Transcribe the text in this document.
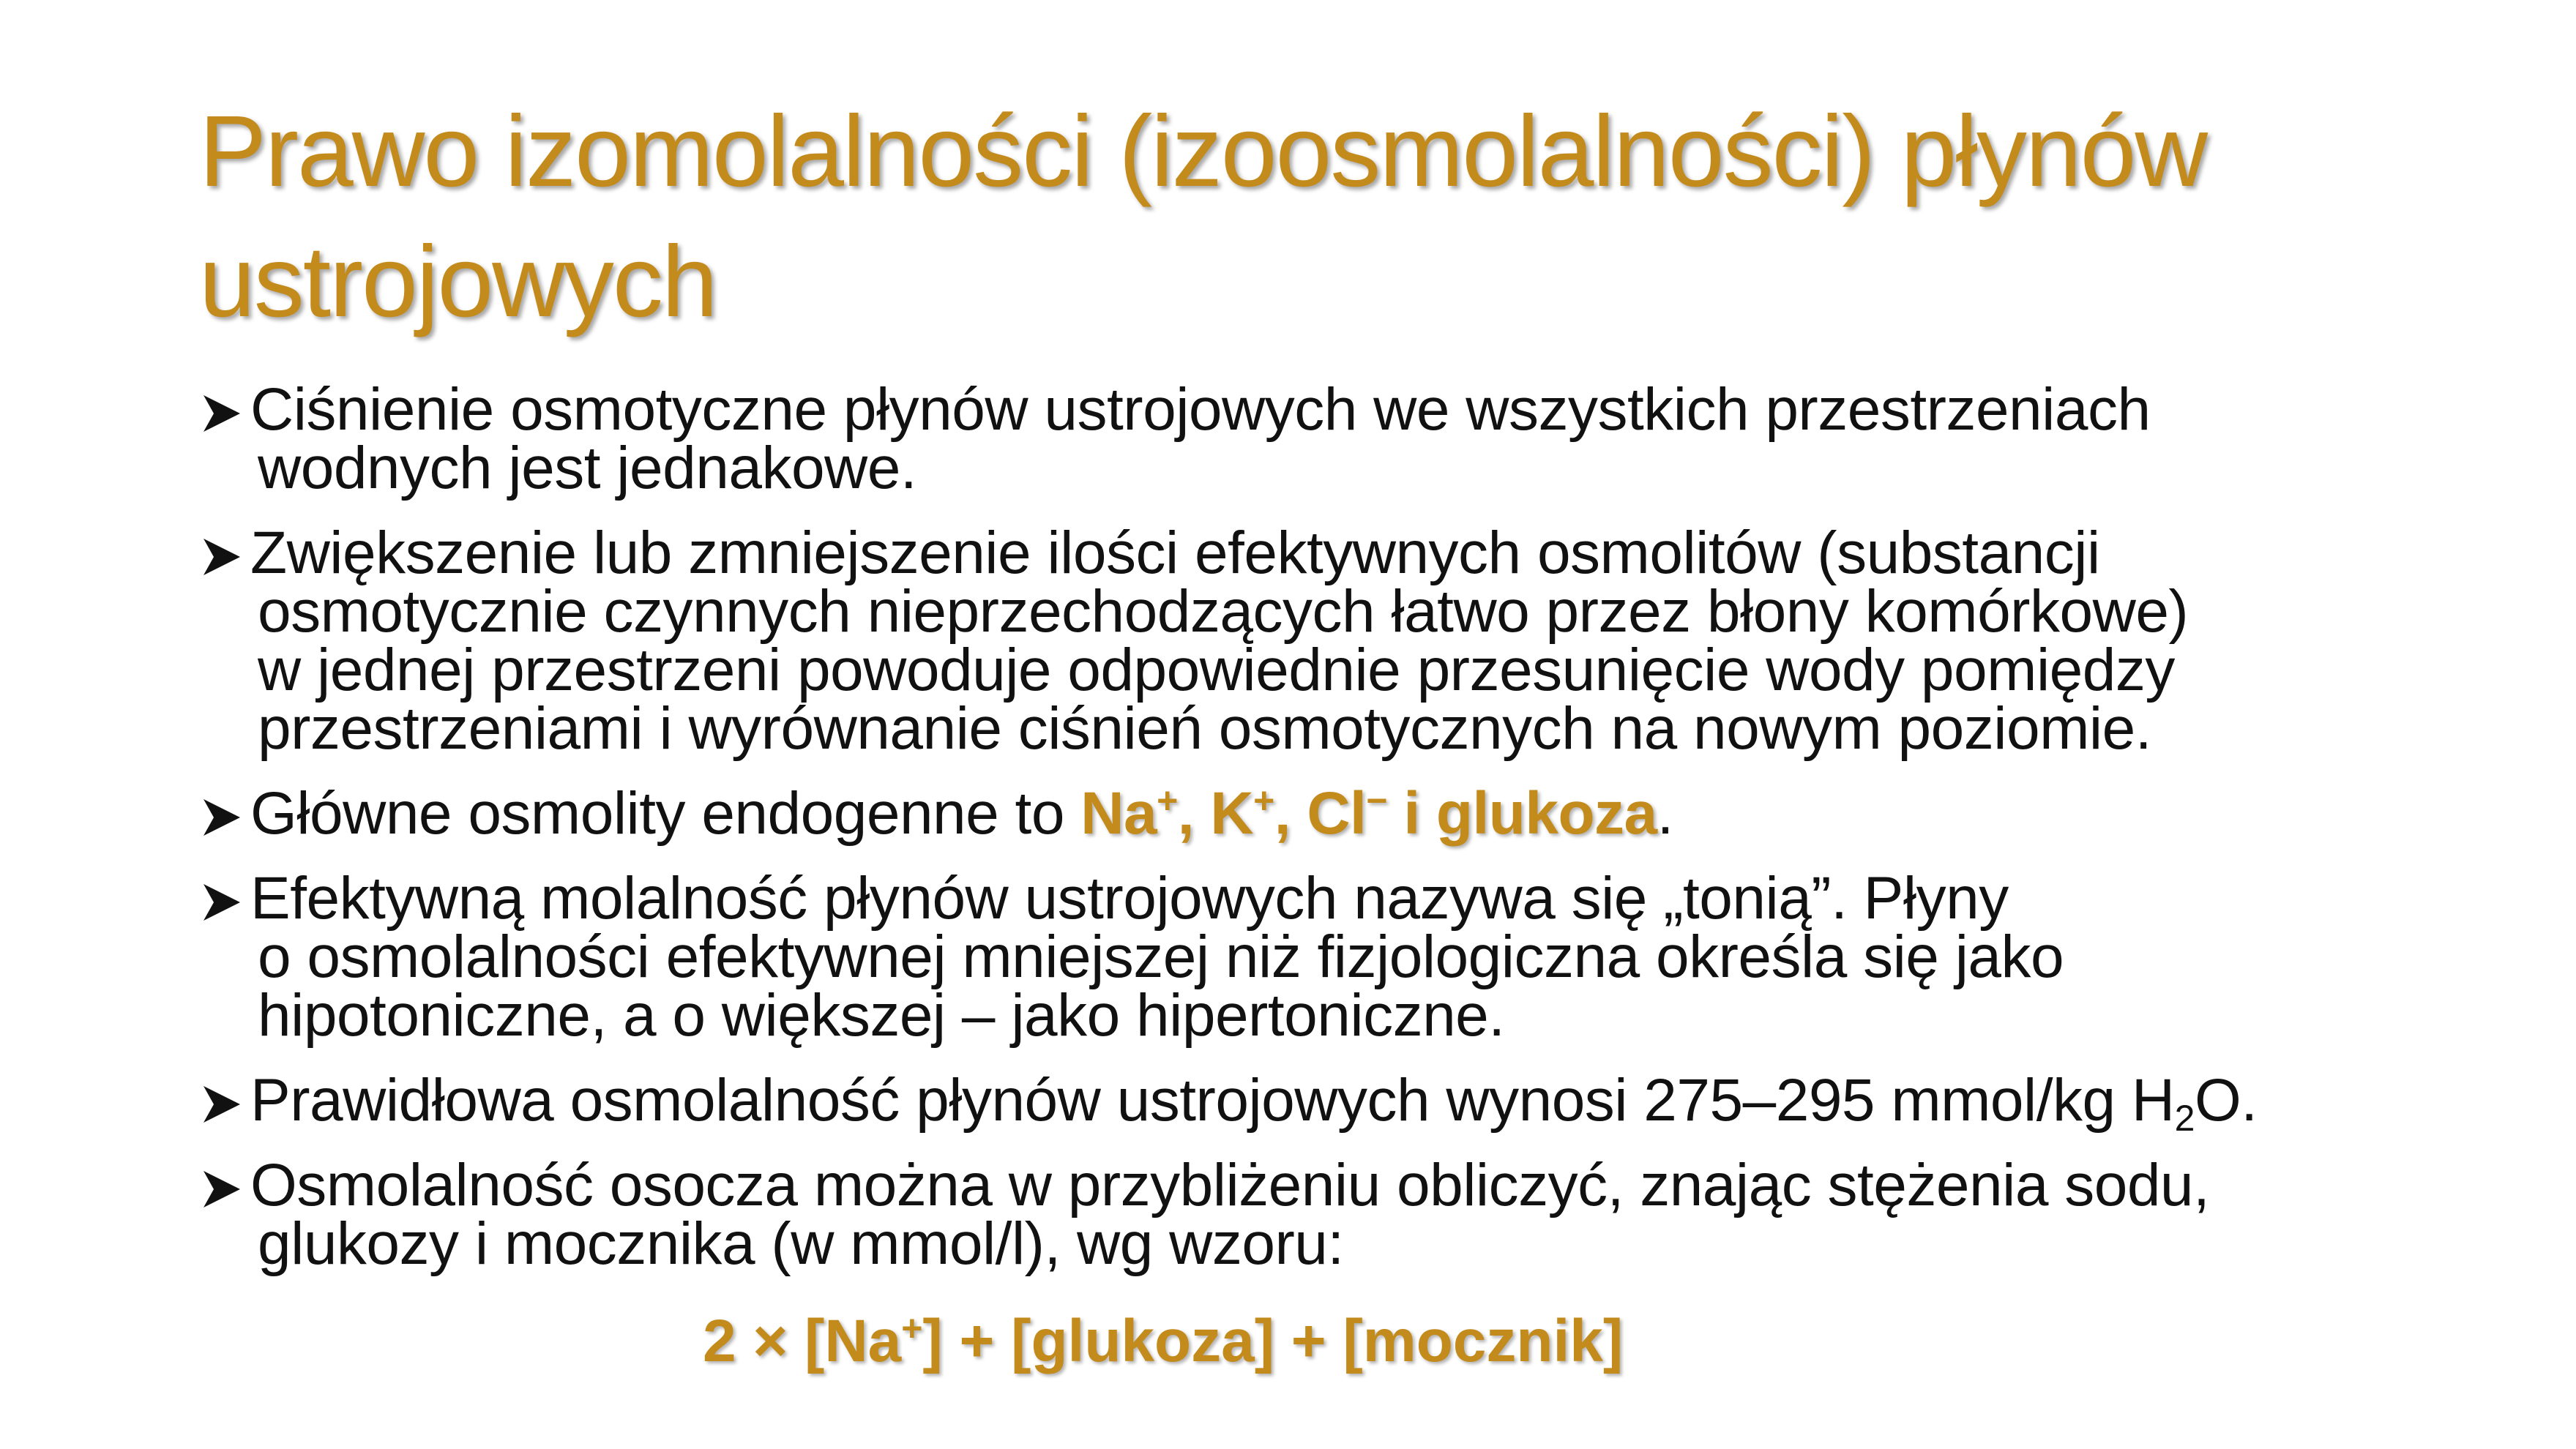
Prawo izomolalności (izoosmolalności) płynów
ustrojowych
Ciśnienie osmotyczne płynów ustrojowych we wszystkich przestrzeniach
wodnych jest jednakowe.
Zwiększenie lub zmniejszenie ilości efektywnych osmolitów (substancji
osmotycznie czynnych nieprzechodzących łatwo przez błony komórkowe)
w jednej przestrzeni powoduje odpowiednie przesunięcie wody pomiędzy
przestrzeniami i wyrównanie ciśnień osmotycznych na nowym poziomie.
Główne osmolity endogenne to Na+, K+, Cl− i glukoza.
Efektywną molalność płynów ustrojowych nazywa się „tonią”. Płyny
o osmolalności efektywnej mniejszej niż fizjologiczna określa się jako
hipotoniczne, a o większej – jako hipertoniczne.
Prawidłowa osmolalność płynów ustrojowych wynosi 275–295 mmol/kg $H_2O$.
Osmolalność osocza można w przybliżeniu obliczyć, znając stężenia sodu,
glukozy i mocznika (w mmol/l), wg wzoru:
2 × [Na+] + [glukoza] + [mocznik]
